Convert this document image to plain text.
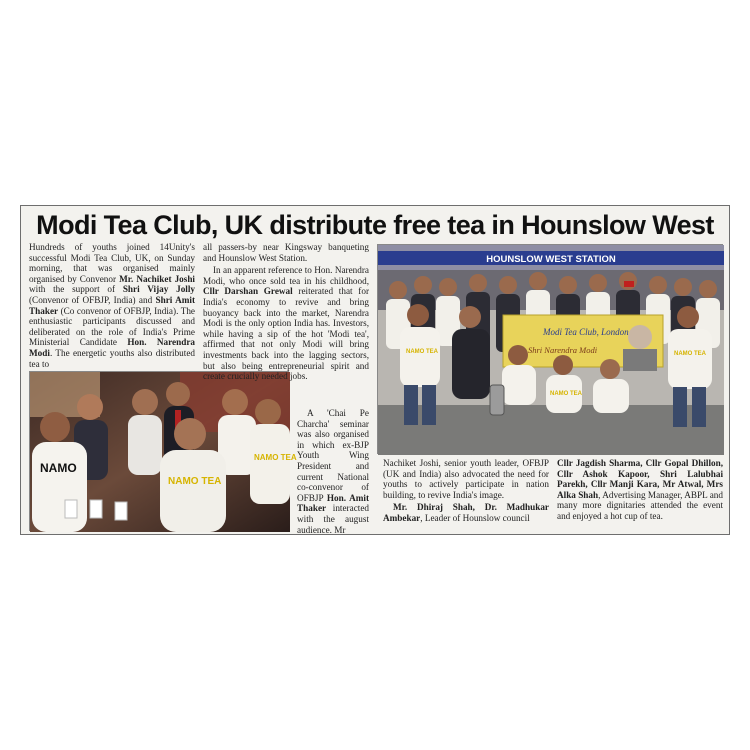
Modi Tea Club, UK distribute free tea in Hounslow West

Hundreds of youths joined 14Unity's successful Modi Tea Club, UK, on Sunday morning, that was organised mainly organised by Convenor Mr. Nachiket Joshi with the support of Shri Vijay Jolly (Convenor of OFBJP, India) and Shri Amit Thaker (Co convenor of OFBJP, India). The enthusiastic participants discussed and deliberated on the role of India's Prime Ministerial Candidate Hon. Narendra Modi. The energetic youths also distributed tea to

NAMO
NAMO TEA
NAMO TEA

all passers-by near Kingsway banqueting and Hounslow West Station.

In an apparent reference to Hon. Narendra Modi, who once sold tea in his childhood, Cllr Darshan Grewal reiterated that for India's economy to revive and bring buoyancy back into the market, Narendra Modi is the only option India has. Investors, while having a sip of the hot 'Modi tea', affirmed that not only Modi will bring investments back into the lagging sectors, but also being entrepreneurial spirit and create crucially needed jobs.

A 'Chai Pe Charcha' seminar was also organised in which ex-BJP Youth Wing President and current National co-convenor of OFBJP Hon. Amit Thaker interacted with the august audience. Mr

HOUNSLOW WEST STATION
Modi Tea Club, London
Shri Narendra Modi
NAMO TEA	NAMO TEA
NAMO TEA

Nachiket Joshi, senior youth leader, OFBJP (UK and India) also advocated the need for youths to actively participate in nation building, to revive India's image.

Mr. Dhiraj Shah, Dr. Madhukar Ambekar, Leader of Hounslow council

Cllr Jagdish Sharma, Cllr Gopal Dhillon, Cllr Ashok Kapoor, Shri Lalubhai Parekh, Cllr Manji Kara, Mr Atwal, Mrs Alka Shah, Advertising Manager, ABPL and many more dignitaries attended the event and enjoyed a hot cup of tea.
